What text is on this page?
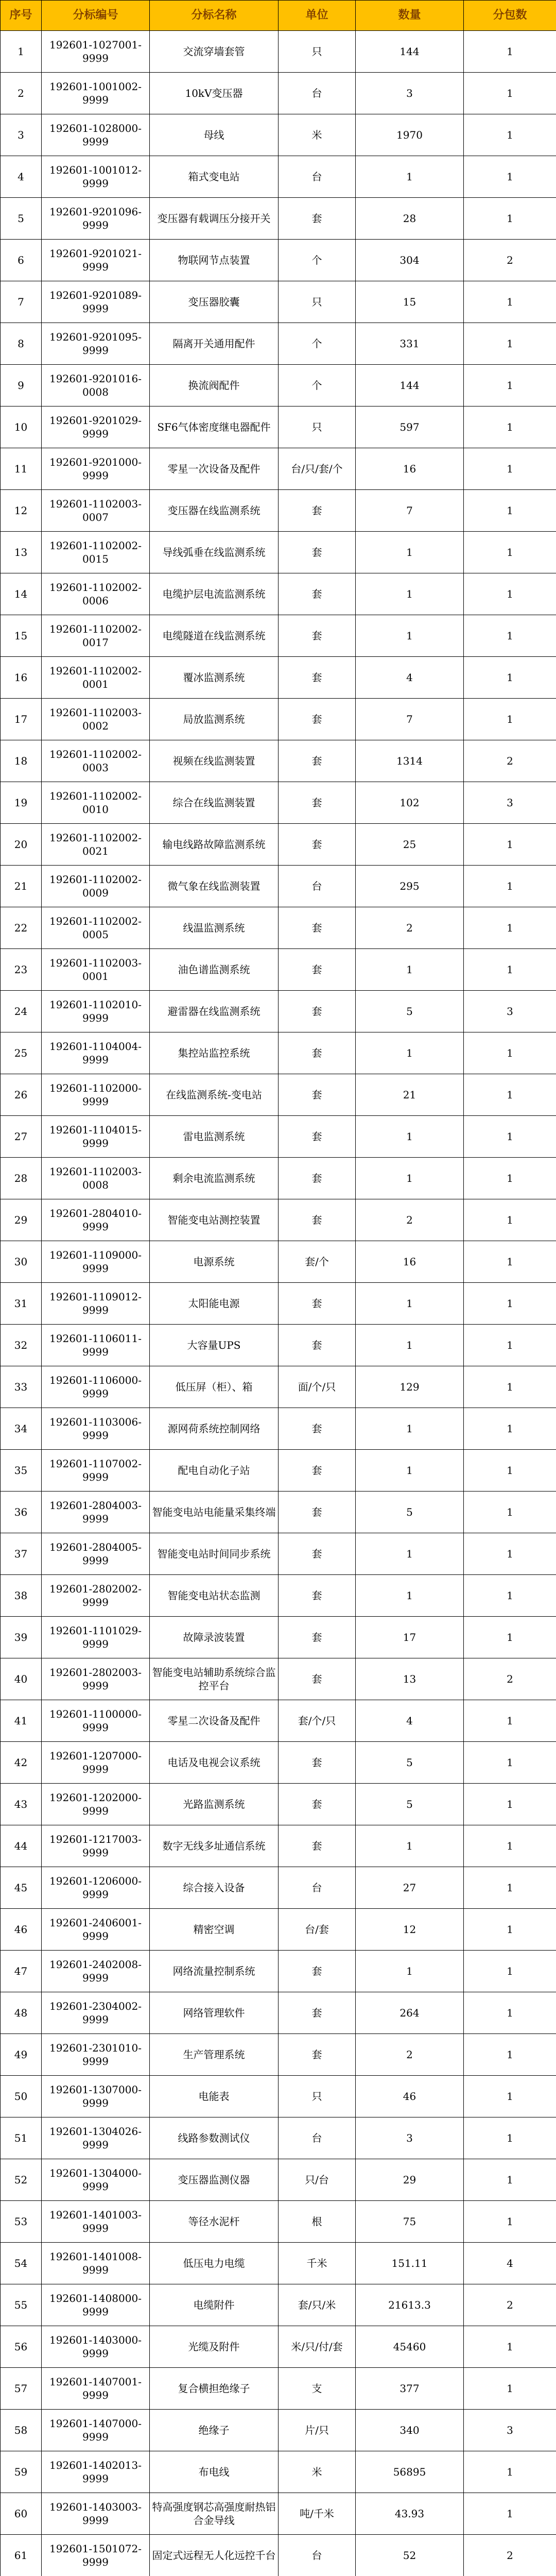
序号	分标编号	分标名称	单位	数量	分包数
1	192601-1027001-9999	交流穿墙套管	只	144	1
2	192601-1001002-9999	10kV变压器	台	3	1
3	192601-1028000-9999	母线	米	1970	1
4	192601-1001012-9999	箱式变电站	台	1	1
5	192601-9201096-9999	变压器有载调压分接开关	套	28	1
6	192601-9201021-9999	物联网节点装置	个	304	2
7	192601-9201089-9999	变压器胶囊	只	15	1
8	192601-9201095-9999	隔离开关通用配件	个	331	1
9	192601-9201016-0008	换流阀配件	个	144	1
10	192601-9201029-9999	SF6气体密度继电器配件	只	597	1
11	192601-9201000-9999	零星一次设备及配件	台/只/套/个	16	1
12	192601-1102003-0007	变压器在线监测系统	套	7	1
13	192601-1102002-0015	导线弧垂在线监测系统	套	1	1
14	192601-1102002-0006	电缆护层电流监测系统	套	1	1
15	192601-1102002-0017	电缆隧道在线监测系统	套	1	1
16	192601-1102002-0001	覆冰监测系统	套	4	1
17	192601-1102003-0002	局放监测系统	套	7	1
18	192601-1102002-0003	视频在线监测装置	套	1314	2
19	192601-1102002-0010	综合在线监测装置	套	102	3
20	192601-1102002-0021	输电线路故障监测系统	套	25	1
21	192601-1102002-0009	微气象在线监测装置	台	295	1
22	192601-1102002-0005	线温监测系统	套	2	1
23	192601-1102003-0001	油色谱监测系统	套	1	1
24	192601-1102010-9999	避雷器在线监测系统	套	5	3
25	192601-1104004-9999	集控站监控系统	套	1	1
26	192601-1102000-9999	在线监测系统-变电站	套	21	1
27	192601-1104015-9999	雷电监测系统	套	1	1
28	192601-1102003-0008	剩余电流监测系统	套	1	1
29	192601-2804010-9999	智能变电站测控装置	套	2	1
30	192601-1109000-9999	电源系统	套/个	16	1
31	192601-1109012-9999	太阳能电源	套	1	1
32	192601-1106011-9999	大容量UPS	套	1	1
33	192601-1106000-9999	低压屏（柜）、箱	面/个/只	129	1
34	192601-1103006-9999	源网荷系统控制网络	套	1	1
35	192601-1107002-9999	配电自动化子站	套	1	1
36	192601-2804003-9999	智能变电站电能量采集终端	套	5	1
37	192601-2804005-9999	智能变电站时间同步系统	套	1	1
38	192601-2802002-9999	智能变电站状态监测	套	1	1
39	192601-1101029-9999	故障录波装置	套	17	1
40	192601-2802003-9999	智能变电站辅助系统综合监控平台	套	13	2
41	192601-1100000-9999	零星二次设备及配件	套/个/只	4	1
42	192601-1207000-9999	电话及电视会议系统	套	5	1
43	192601-1202000-9999	光路监测系统	套	5	1
44	192601-1217003-9999	数字无线多址通信系统	套	1	1
45	192601-1206000-9999	综合接入设备	台	27	1
46	192601-2406001-9999	精密空调	台/套	12	1
47	192601-2402008-9999	网络流量控制系统	套	1	1
48	192601-2304002-9999	网络管理软件	套	264	1
49	192601-2301010-9999	生产管理系统	套	2	1
50	192601-1307000-9999	电能表	只	46	1
51	192601-1304026-9999	线路参数测试仪	台	3	1
52	192601-1304000-9999	变压器监测仪器	只/台	29	1
53	192601-1401003-9999	等径水泥杆	根	75	1
54	192601-1401008-9999	低压电力电缆	千米	151.11	4
55	192601-1408000-9999	电缆附件	套/只/米	21613.3	2
56	192601-1403000-9999	光缆及附件	米/只/付/套	45460	1
57	192601-1407001-9999	复合横担绝缘子	支	377	1
58	192601-1407000-9999	绝缘子	片/只	340	3
59	192601-1402013-9999	布电线	米	56895	1
60	192601-1403003-9999	特高强度钢芯高强度耐热铝合金导线	吨/千米	43.93	1
61	192601-1501072-9999	固定式远程无人化远控千台	台	52	2
